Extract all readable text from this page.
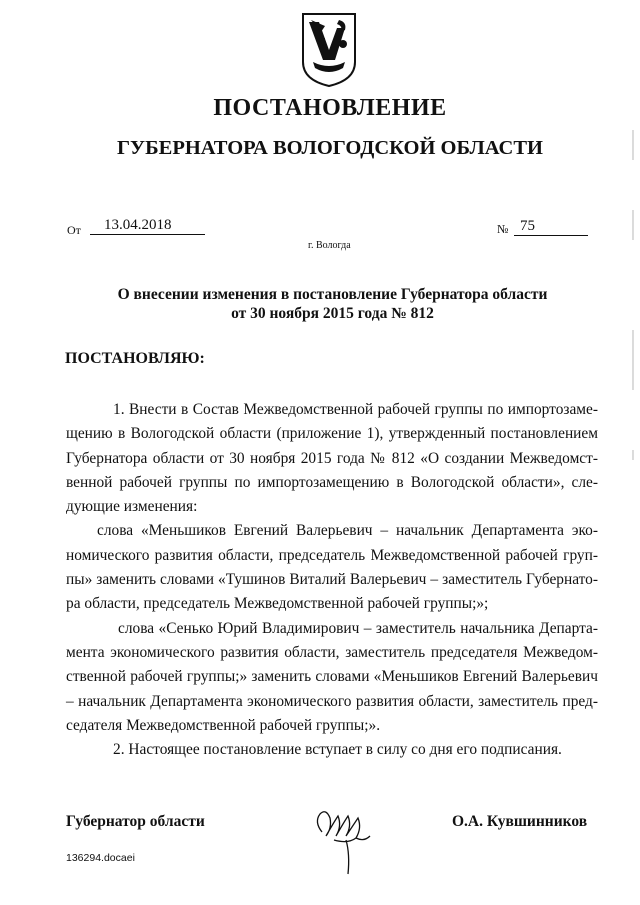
ПОСТАНОВЛЕНИЕ
ГУБЕРНАТОРА ВОЛОГОДСКОЙ ОБЛАСТИ
От	13.04.2018	№ 75
г. Вологда
О внесении изменения в постановление Губернатора области
от 30 ноября 2015 года № 812
ПОСТАНОВЛЯЮ:
1. Внести в Состав Межведомственной рабочей группы по импортозаме-
щению в Вологодской области (приложение 1), утвержденный постановлением
Губернатора области от 30 ноября 2015 года № 812 «О создании Межведомст-
венной рабочей группы по импортозамещению в Вологодской области», сле-
дующие изменения:
слова «Меньшиков Евгений Валерьевич – начальник Департамента эко-
номического развития области, председатель Межведомственной рабочей груп-
пы» заменить словами «Тушинов Виталий Валерьевич – заместитель Губернато-
ра области, председатель Межведомственной рабочей группы;»;
слова «Сенько Юрий Владимирович – заместитель начальника Департа-
мента экономического развития области, заместитель председателя Межведом-
ственной рабочей группы;» заменить словами «Меньшиков Евгений Валерьевич
– начальник Департамента экономического развития области, заместитель пред-
седателя Межведомственной рабочей группы;».
2. Настоящее постановление вступает в силу со дня его подписания.
Губернатор области	О.А. Кувшинников
136294.docaei
